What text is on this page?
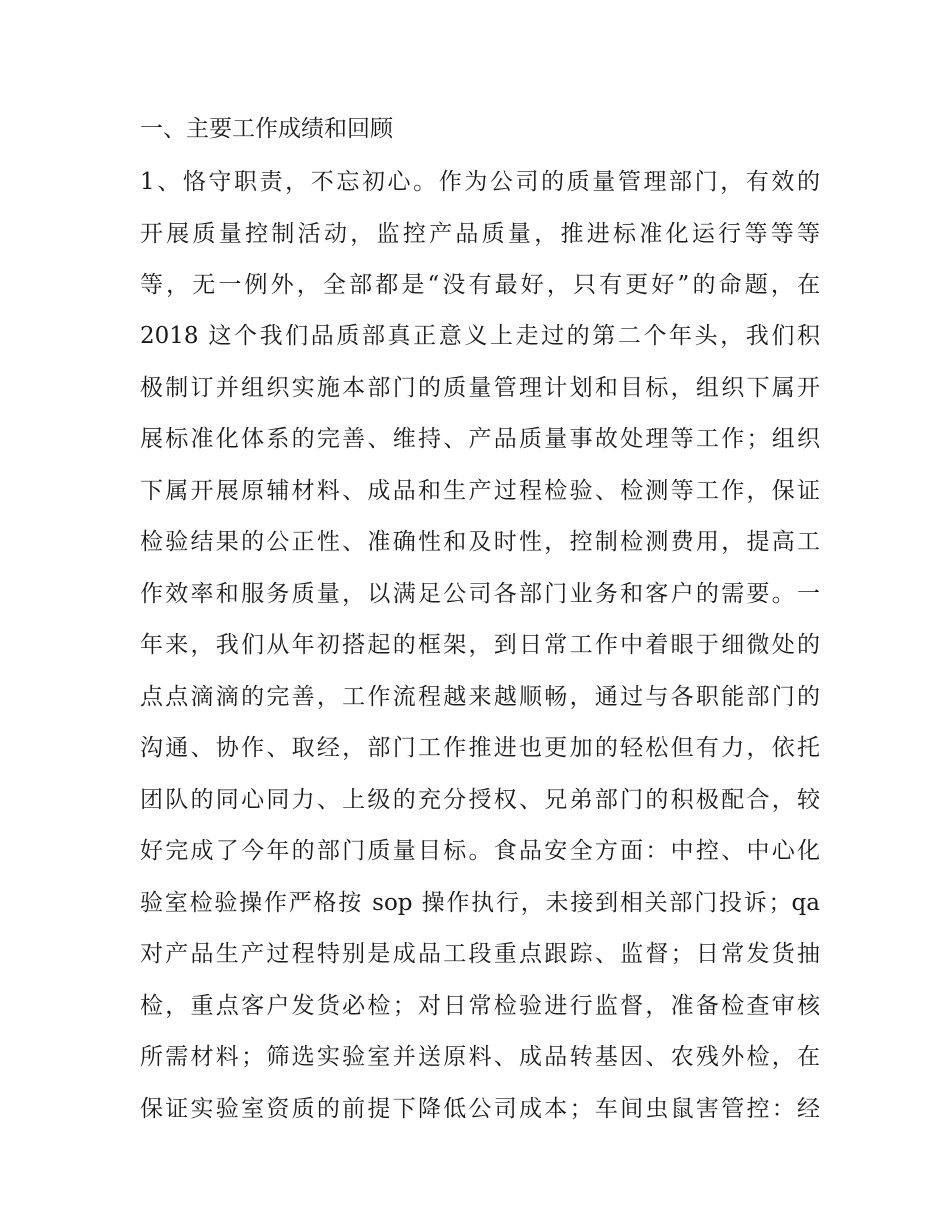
一、主要工作成绩和回顾
1、恪守职责，不忘初心。作为公司的质量管理部门，有效的
开展质量控制活动，监控产品质量，推进标准化运行等等等
等，无一例外，全部都是“没有最好，只有更好”的命题，在
2018 这个我们品质部真正意义上走过的第二个年头，我们积
极制订并组织实施本部门的质量管理计划和目标，组织下属开
展标准化体系的完善、维持、产品质量事故处理等工作；组织
下属开展原辅材料、成品和生产过程检验、检测等工作，保证
检验结果的公正性、准确性和及时性，控制检测费用，提高工
作效率和服务质量，以满足公司各部门业务和客户的需要。一
年来，我们从年初搭起的框架，到日常工作中着眼于细微处的
点点滴滴的完善，工作流程越来越顺畅，通过与各职能部门的
沟通、协作、取经，部门工作推进也更加的轻松但有力，依托
团队的同心同力、上级的充分授权、兄弟部门的积极配合，较
好完成了今年的部门质量目标。食品安全方面：中控、中心化
验室检验操作严格按 sop 操作执行，未接到相关部门投诉；qa
对产品生产过程特别是成品工段重点跟踪、监督；日常发货抽
检，重点客户发货必检；对日常检验进行监督，准备检查审核
所需材料；筛选实验室并送原料、成品转基因、农残外检，在
保证实验室资质的前提下降低公司成本；车间虫鼠害管控：经
